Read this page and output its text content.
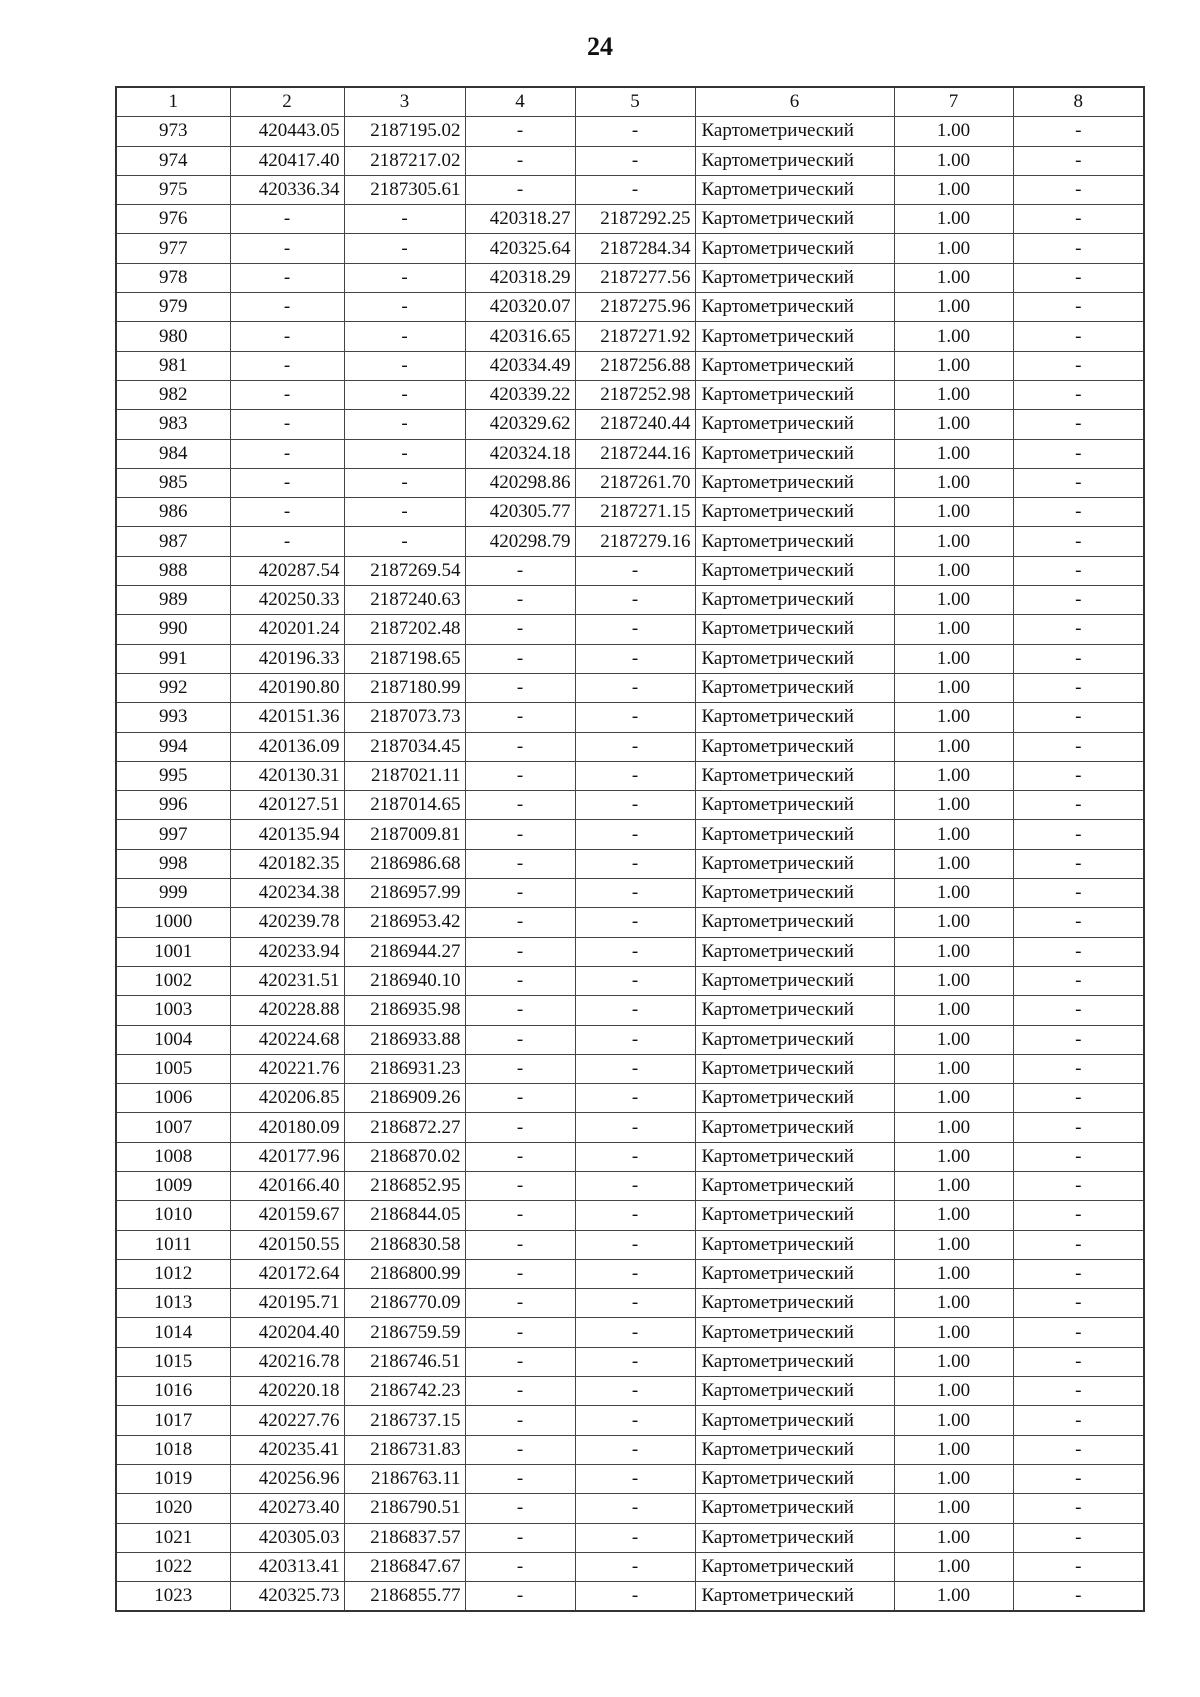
24
1	2	3	4	5	6	7	8
973	420443.05	2187195.02	-	-	Картометрический	1.00	-
974	420417.40	2187217.02	-	-	Картометрический	1.00	-
975	420336.34	2187305.61	-	-	Картометрический	1.00	-
976	-	-	420318.27	2187292.25	Картометрический	1.00	-
977	-	-	420325.64	2187284.34	Картометрический	1.00	-
978	-	-	420318.29	2187277.56	Картометрический	1.00	-
979	-	-	420320.07	2187275.96	Картометрический	1.00	-
980	-	-	420316.65	2187271.92	Картометрический	1.00	-
981	-	-	420334.49	2187256.88	Картометрический	1.00	-
982	-	-	420339.22	2187252.98	Картометрический	1.00	-
983	-	-	420329.62	2187240.44	Картометрический	1.00	-
984	-	-	420324.18	2187244.16	Картометрический	1.00	-
985	-	-	420298.86	2187261.70	Картометрический	1.00	-
986	-	-	420305.77	2187271.15	Картометрический	1.00	-
987	-	-	420298.79	2187279.16	Картометрический	1.00	-
988	420287.54	2187269.54	-	-	Картометрический	1.00	-
989	420250.33	2187240.63	-	-	Картометрический	1.00	-
990	420201.24	2187202.48	-	-	Картометрический	1.00	-
991	420196.33	2187198.65	-	-	Картометрический	1.00	-
992	420190.80	2187180.99	-	-	Картометрический	1.00	-
993	420151.36	2187073.73	-	-	Картометрический	1.00	-
994	420136.09	2187034.45	-	-	Картометрический	1.00	-
995	420130.31	2187021.11	-	-	Картометрический	1.00	-
996	420127.51	2187014.65	-	-	Картометрический	1.00	-
997	420135.94	2187009.81	-	-	Картометрический	1.00	-
998	420182.35	2186986.68	-	-	Картометрический	1.00	-
999	420234.38	2186957.99	-	-	Картометрический	1.00	-
1000	420239.78	2186953.42	-	-	Картометрический	1.00	-
1001	420233.94	2186944.27	-	-	Картометрический	1.00	-
1002	420231.51	2186940.10	-	-	Картометрический	1.00	-
1003	420228.88	2186935.98	-	-	Картометрический	1.00	-
1004	420224.68	2186933.88	-	-	Картометрический	1.00	-
1005	420221.76	2186931.23	-	-	Картометрический	1.00	-
1006	420206.85	2186909.26	-	-	Картометрический	1.00	-
1007	420180.09	2186872.27	-	-	Картометрический	1.00	-
1008	420177.96	2186870.02	-	-	Картометрический	1.00	-
1009	420166.40	2186852.95	-	-	Картометрический	1.00	-
1010	420159.67	2186844.05	-	-	Картометрический	1.00	-
1011	420150.55	2186830.58	-	-	Картометрический	1.00	-
1012	420172.64	2186800.99	-	-	Картометрический	1.00	-
1013	420195.71	2186770.09	-	-	Картометрический	1.00	-
1014	420204.40	2186759.59	-	-	Картометрический	1.00	-
1015	420216.78	2186746.51	-	-	Картометрический	1.00	-
1016	420220.18	2186742.23	-	-	Картометрический	1.00	-
1017	420227.76	2186737.15	-	-	Картометрический	1.00	-
1018	420235.41	2186731.83	-	-	Картометрический	1.00	-
1019	420256.96	2186763.11	-	-	Картометрический	1.00	-
1020	420273.40	2186790.51	-	-	Картометрический	1.00	-
1021	420305.03	2186837.57	-	-	Картометрический	1.00	-
1022	420313.41	2186847.67	-	-	Картометрический	1.00	-
1023	420325.73	2186855.77	-	-	Картометрический	1.00	-
